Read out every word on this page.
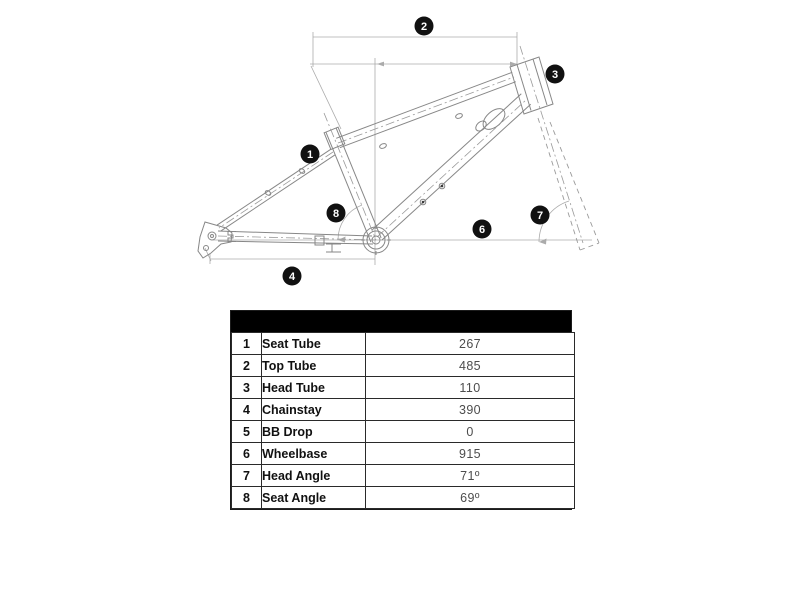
1
2
3
4
6
7
8
1	Seat Tube	267
2	Top Tube	485
3	Head Tube	110
4	Chainstay	390
5	BB Drop	0
6	Wheelbase	915
7	Head Angle	71º
8	Seat Angle	69º
